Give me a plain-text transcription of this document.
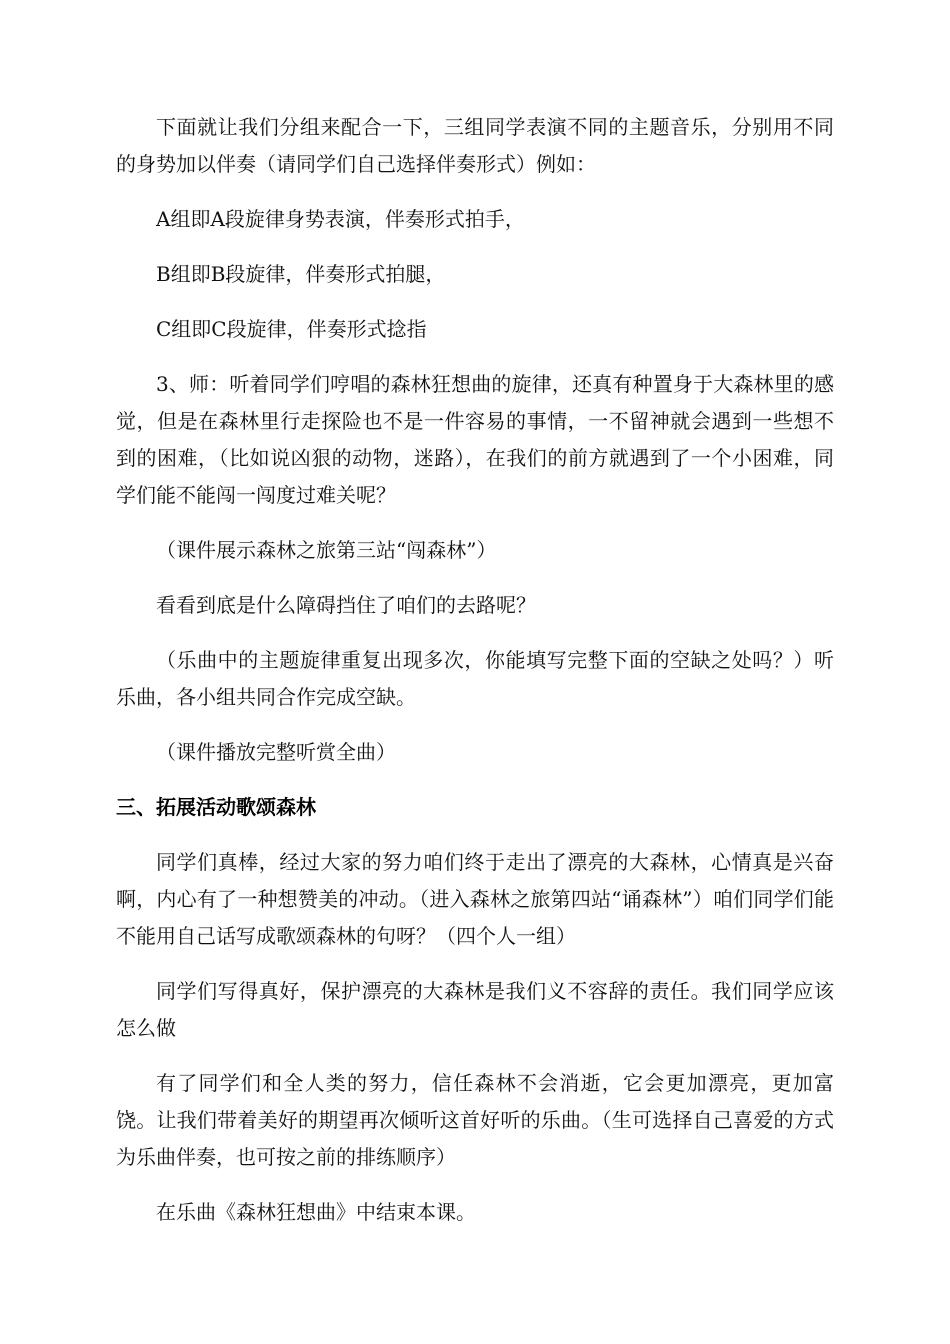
下面就让我们分组来配合一下，三组同学表演不同的主题音乐，分别用不同的身势加以伴奏（请同学们自己选择伴奏形式）例如：

A组即A段旋律身势表演，伴奏形式拍手，

B组即B段旋律，伴奏形式拍腿，

C组即C段旋律，伴奏形式捻指

3、师：听着同学们哼唱的森林狂想曲的旋律，还真有种置身于大森林里的感觉，但是在森林里行走探险也不是一件容易的事情，一不留神就会遇到一些想不到的困难，（比如说凶狠的动物，迷路），在我们的前方就遇到了一个小困难，同学们能不能闯一闯度过难关呢？

（课件展示森林之旅第三站“闯森林”）

看看到底是什么障碍挡住了咱们的去路呢？

（乐曲中的主题旋律重复出现多次，你能填写完整下面的空缺之处吗？）听乐曲，各小组共同合作完成空缺。

（课件播放完整听赏全曲）

三、拓展活动歌颂森林

同学们真棒，经过大家的努力咱们终于走出了漂亮的大森林，心情真是兴奋啊，内心有了一种想赞美的冲动。（进入森林之旅第四站“诵森林”）咱们同学们能不能用自己话写成歌颂森林的句呀？（四个人一组）

同学们写得真好，保护漂亮的大森林是我们义不容辞的责任。我们同学应该怎么做

有了同学们和全人类的努力，信任森林不会消逝，它会更加漂亮，更加富饶。让我们带着美好的期望再次倾听这首好听的乐曲。（生可选择自己喜爱的方式为乐曲伴奏，也可按之前的排练顺序）

在乐曲《森林狂想曲》中结束本课。
